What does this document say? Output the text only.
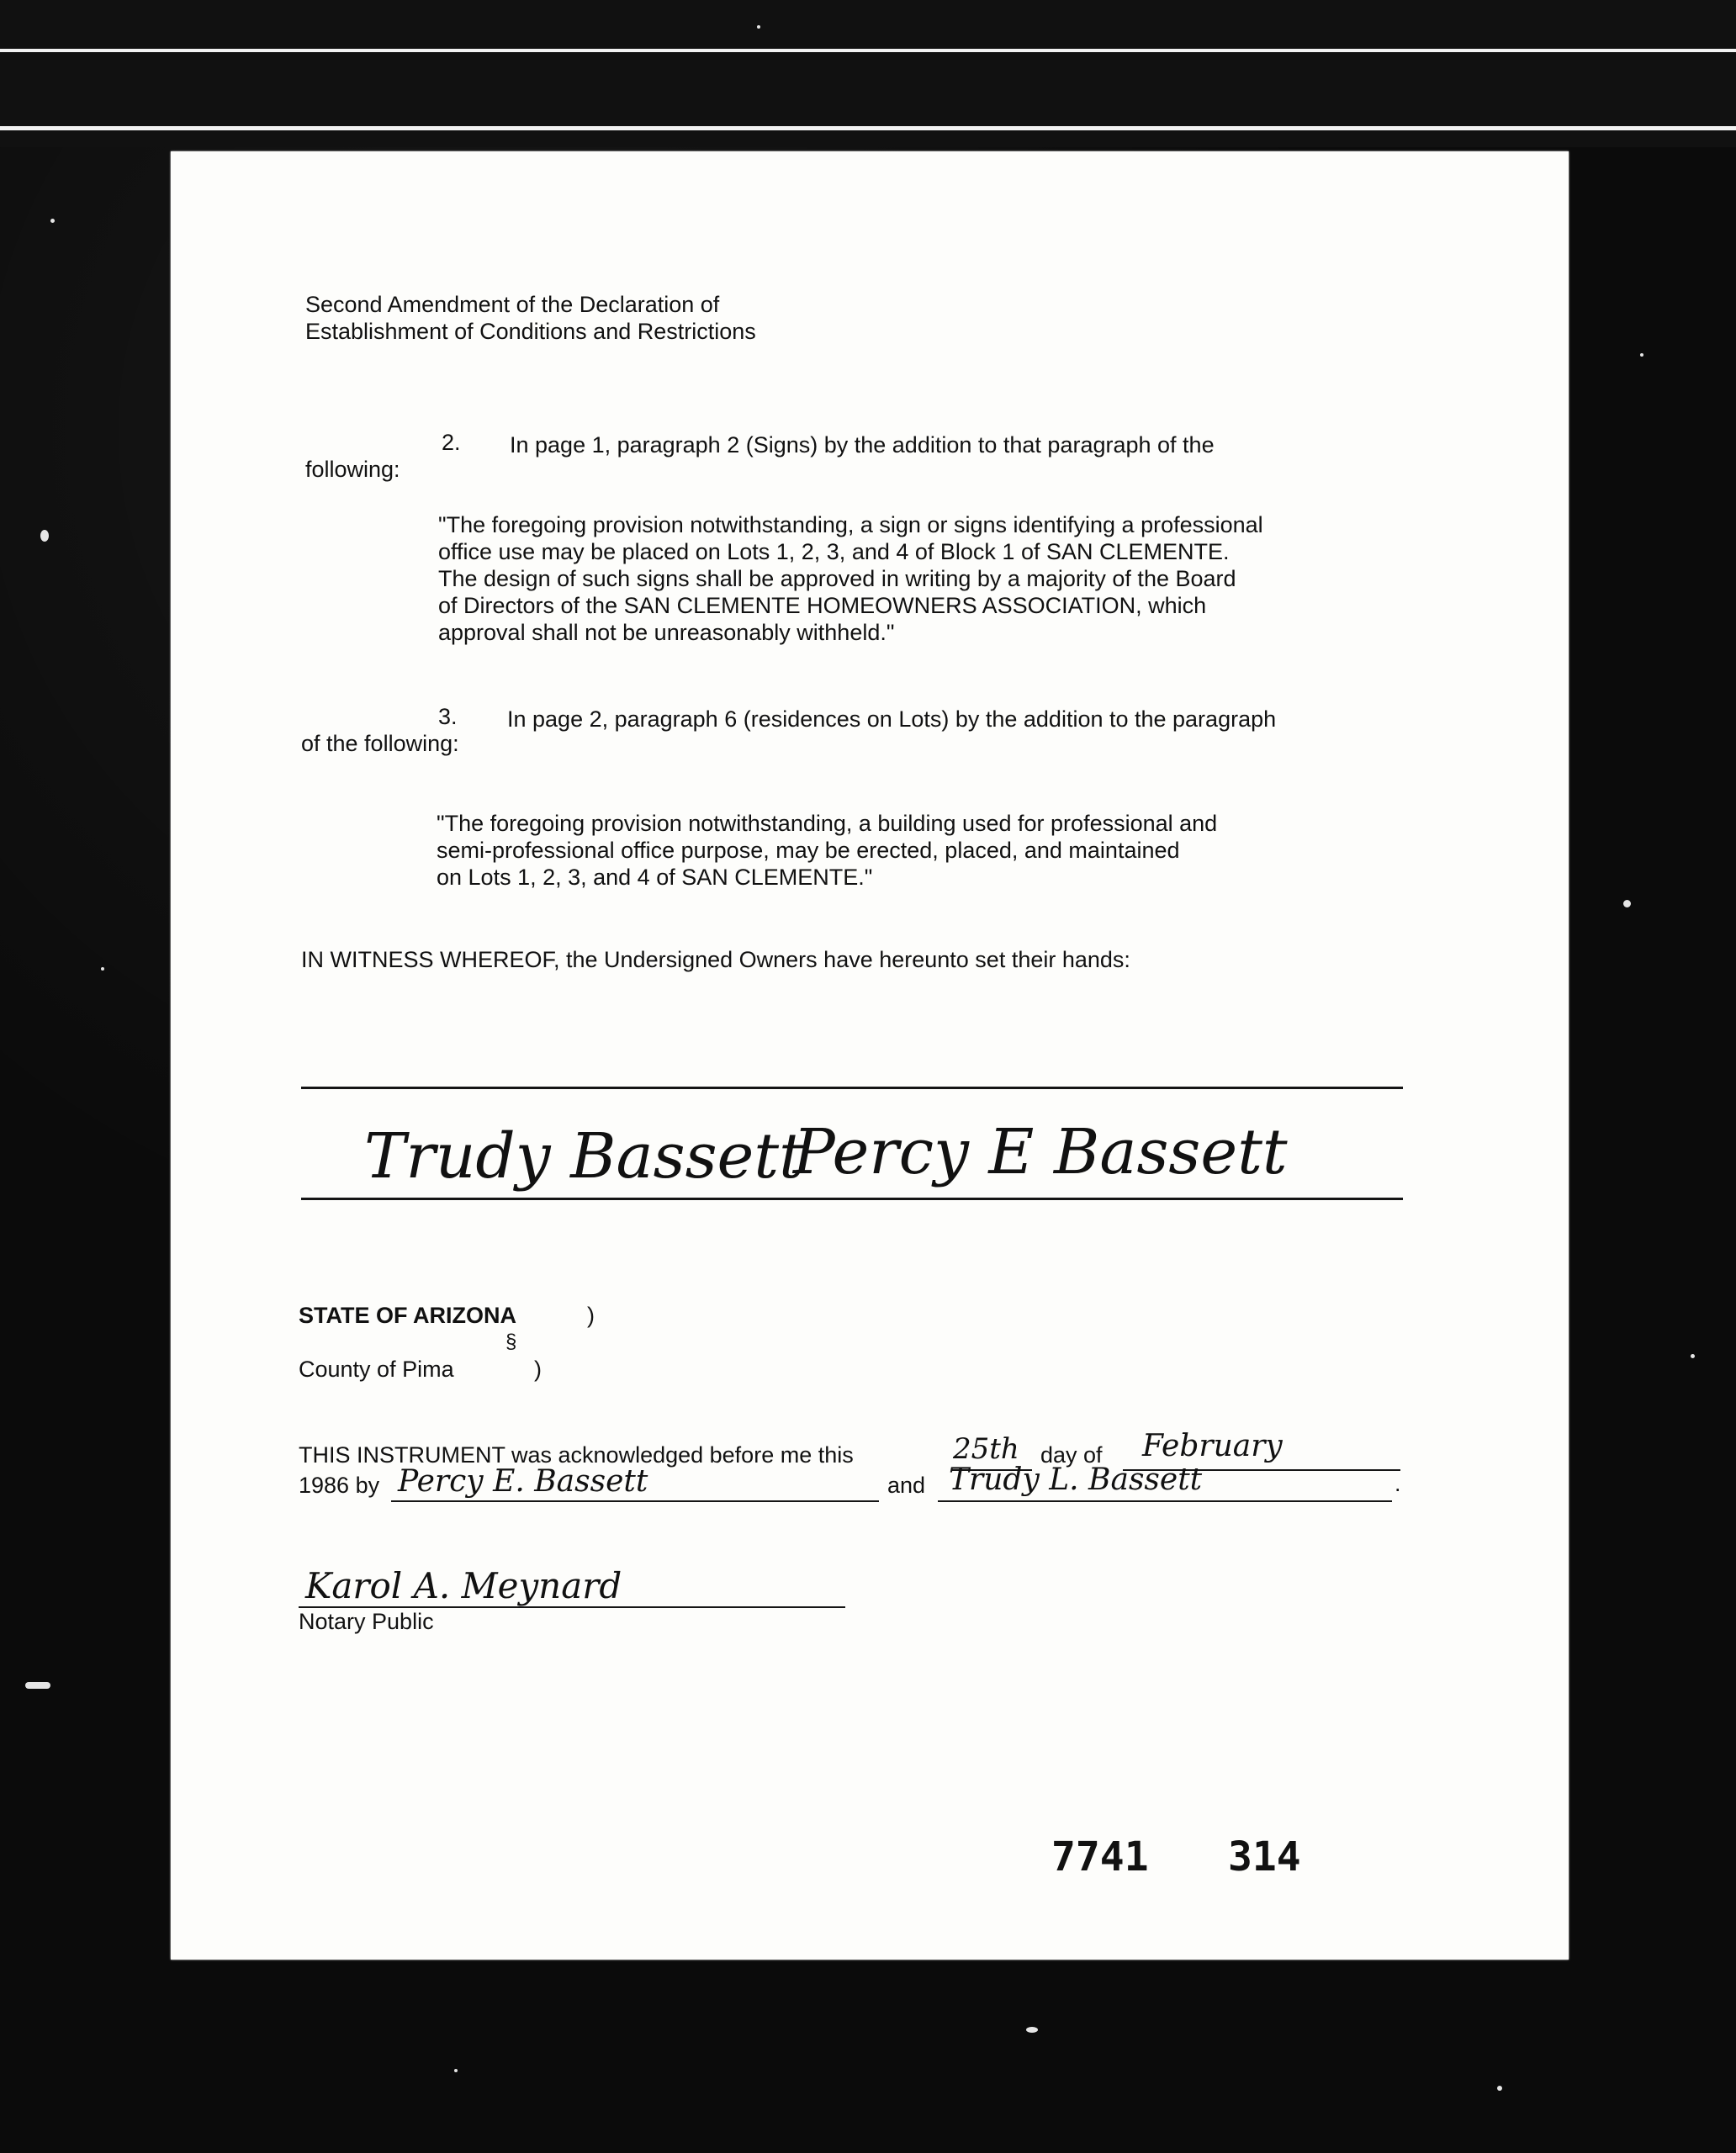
Second Amendment of the Declaration of
Establishment of Conditions and Restrictions
2. In page 1, paragraph 2 (Signs) by the addition to that paragraph of the
following:
"The foregoing provision notwithstanding, a sign or signs identifying a professional
office use may be placed on Lots 1, 2, 3, and 4 of Block 1 of SAN CLEMENTE.
The design of such signs shall be approved in writing by a majority of the Board
of Directors of the SAN CLEMENTE HOMEOWNERS ASSOCIATION, which
approval shall not be unreasonably withheld."
3. In page 2, paragraph 6 (residences on Lots) by the addition to the paragraph
of the following:
"The foregoing provision notwithstanding, a building used for professional and
semi-professional office purpose, may be erected, placed, and maintained
on Lots 1, 2, 3, and 4 of SAN CLEMENTE."
IN WITNESS WHEREOF, the Undersigned Owners have hereunto set their hands:
Trudy Bassett
Percy E Bassett
STATE OF ARIZONA	)
§
County of Pima	)
THIS INSTRUMENT was acknowledged before me this	25th day of February
1986 by Percy E. Bassett	and Trudy L. Bassett	.
Karol A. Meynard
Notary Public
7741 314
